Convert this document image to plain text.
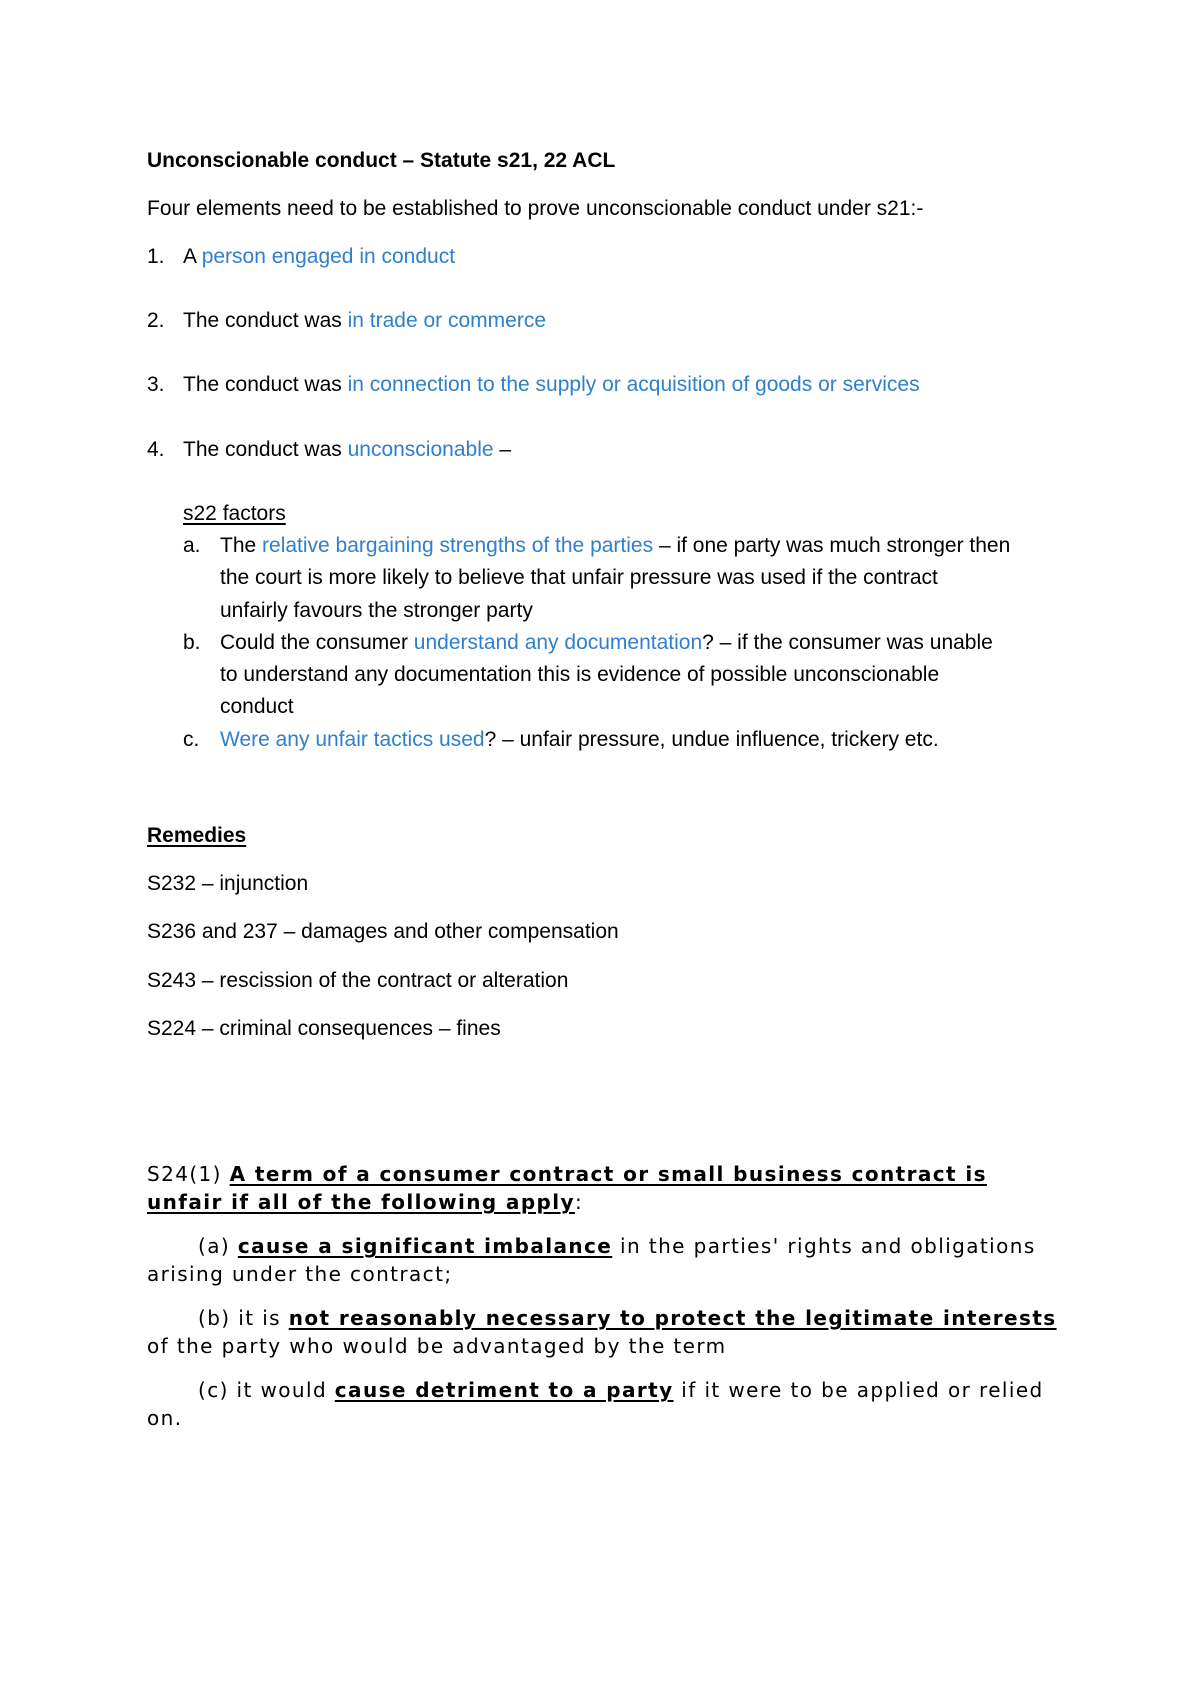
Unconscionable conduct – Statute s21, 22 ACL

Four elements need to be established to prove unconscionable conduct under s21:-

1. A person engaged in conduct

2. The conduct was in trade or commerce

3. The conduct was in connection to the supply or acquisition of goods or services

4. The conduct was unconscionable –

s22 factors

a. The relative bargaining strengths of the parties – if one party was much stronger then

the court is more likely to believe that unfair pressure was used if the contract

unfairly favours the stronger party

b. Could the consumer understand any documentation? – if the consumer was unable

to understand any documentation this is evidence of possible unconscionable

conduct

c. Were any unfair tactics used? – unfair pressure, undue influence, trickery etc.

Remedies

S232 – injunction

S236 and 237 – damages and other compensation

S243 – rescission of the contract or alteration

S224 – criminal consequences – fines

S24(1) A term of a consumer contract or small business contract is

unfair if all of the following apply:

(a) cause a significant imbalance in the parties' rights and obligations

arising under the contract;

(b) it is not reasonably necessary to protect the legitimate interests

of the party who would be advantaged by the term

(c) it would cause detriment to a party if it were to be applied or relied

on.
